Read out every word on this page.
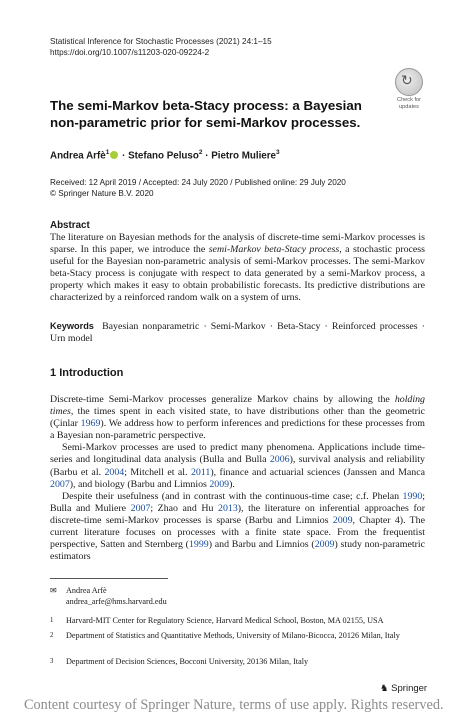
Statistical Inference for Stochastic Processes (2021) 24:1–15
https://doi.org/10.1007/s11203-020-09224-2
↻
Check for
updates
The semi-Markov beta-Stacy process: a Bayesian non-parametric prior for semi-Markov processes.
Andrea Arfè$^1$ · Stefano Peluso$^2$ · Pietro Muliere$^3$
Received: 12 April 2019 / Accepted: 24 July 2020 / Published online: 29 July 2020
© Springer Nature B.V. 2020
Abstract

The literature on Bayesian methods for the analysis of discrete-time semi-Markov processes is sparse. In this paper, we introduce the semi-Markov beta-Stacy process, a stochastic process useful for the Bayesian non-parametric analysis of semi-Markov processes. The semi-Markov beta-Stacy process is conjugate with respect to data generated by a semi-Markov process, a property which makes it easy to obtain probabilistic forecasts. Its predictive distributions are characterized by a reinforced random walk on a system of urns.

Keywords Bayesian nonparametric · Semi-Markov · Beta-Stacy · Reinforced processes · Urn model

1 Introduction

Discrete-time Semi-Markov processes generalize Markov chains by allowing the holding times, the times spent in each visited state, to have distributions other than the geometric (Çinlar 1969). We address how to perform inferences and predictions for these processes from a Bayesian non-parametric perspective.

Semi-Markov processes are used to predict many phenomena. Applications include time-series and longitudinal data analysis (Bulla and Bulla 2006), survival analysis and reliability (Barbu et al. 2004; Mitchell et al. 2011), finance and actuarial sciences (Janssen and Manca 2007), and biology (Barbu and Limnios 2009).

Despite their usefulness (and in contrast with the continuous-time case; c.f. Phelan 1990; Bulla and Muliere 2007; Zhao and Hu 2013), the literature on inferential approaches for discrete-time semi-Markov processes is sparse (Barbu and Limnios 2009, Chapter 4). The current literature focuses on processes with a finite state space. From the frequentist perspective, Satten and Sternberg (1999) and Barbu and Limnios (2009) study non-parametric estimators

✉ Andrea Arfè
andrea_arfe@hms.harvard.edu
1 Harvard-MIT Center for Regulatory Science, Harvard Medical School, Boston, MA 02155, USA
2 Department of Statistics and Quantitative Methods, University of Milano-Bicocca, 20126 Milan, Italy
3 Department of Decision Sciences, Bocconi University, 20136 Milan, Italy
♞ Springer
Content courtesy of Springer Nature, terms of use apply. Rights reserved.
